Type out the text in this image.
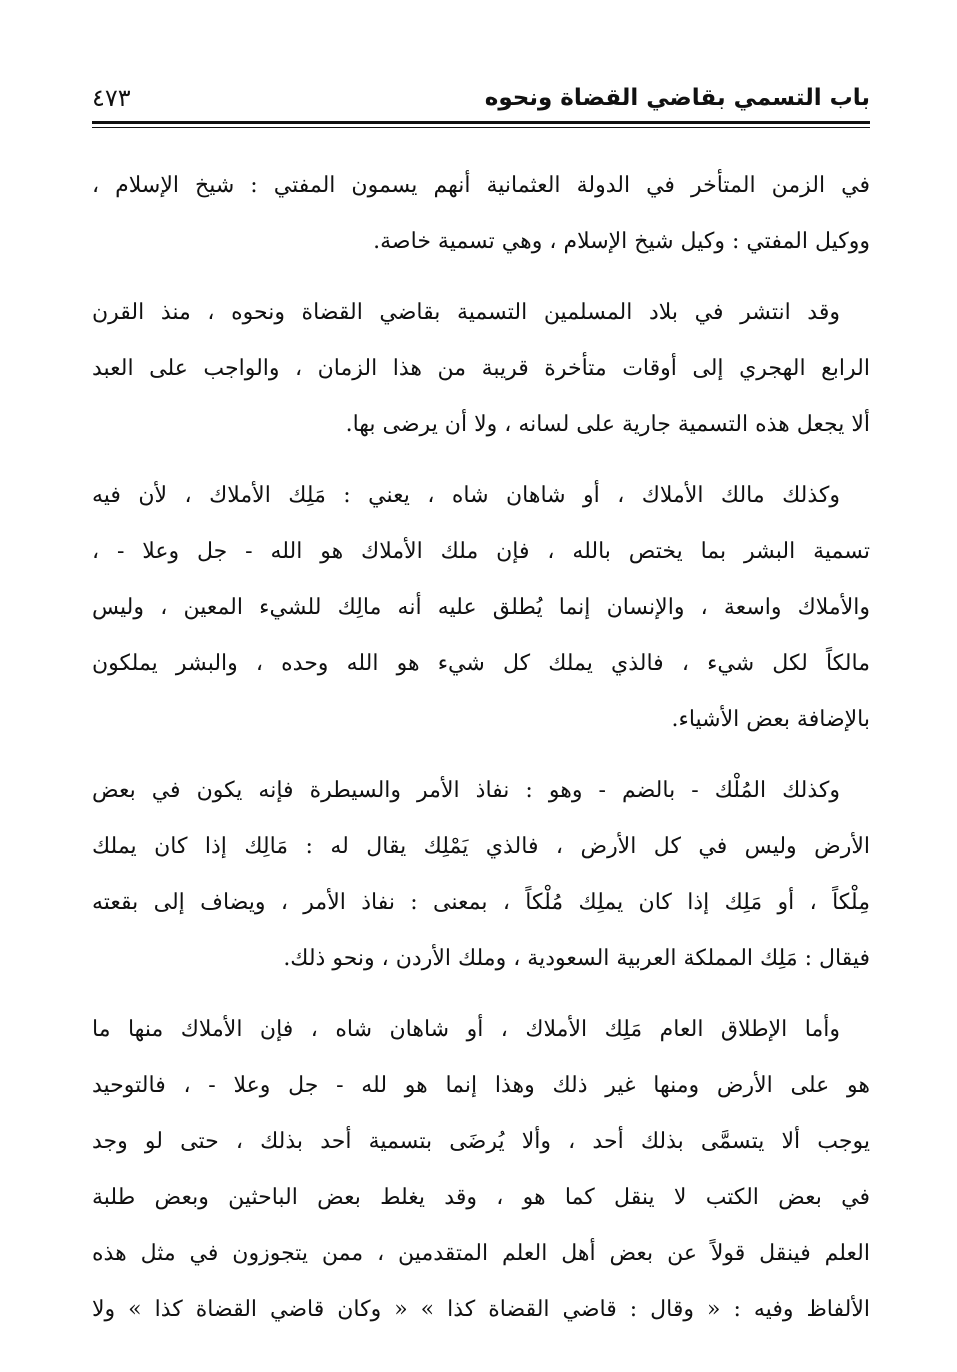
باب التسمي بقاضي القضاة ونحوه
٤٧٣
في الزمن المتأخر في الدولة العثمانية أنهم يسمون المفتي : شيخ الإسلام ،
ووكيل المفتي : وكيل شيخ الإسلام ، وهي تسمية خاصة.
وقد انتشر في بلاد المسلمين التسمية بقاضي القضاة ونحوه ، منذ القرن
الرابع الهجري إلى أوقات متأخرة قريبة من هذا الزمان ، والواجب على العبد
ألا يجعل هذه التسمية جارية على لسانه ، ولا أن يرضى بها.
وكذلك مالك الأملاك ، أو شاهان شاه ، يعني : مَلِك الأملاك ، لأن فيه
تسمية البشر بما يختص بالله ، فإن ملك الأملاك هو الله - جل وعلا - ،
والأملاك واسعة ، والإنسان إنما يُطلق عليه أنه مالِك للشيء المعين ، وليس
مالكاً لكل شيء ، فالذي يملك كل شيء هو الله وحده ، والبشر يملكون
بالإضافة بعض الأشياء.
وكذلك المُلْك - بالضم - وهو : نفاذ الأمر والسيطرة فإنه يكون في بعض
الأرض وليس في كل الأرض ، فالذي يَمْلِك يقال له : مَالِك إذا كان يملك
مِلْكاً ، أو مَلِك إذا كان يملِك مُلْكاً ، بمعنى : نفاذ الأمر ، ويضاف إلى بقعته
فيقال : مَلِك المملكة العربية السعودية ، وملك الأردن ، ونحو ذلك.
وأما الإطلاق العام مَلِك الأملاك ، أو شاهان شاه ، فإن الأملاك منها ما
هو على الأرض ومنها غير ذلك وهذا إنما هو لله - جل وعلا - ، فالتوحيد
يوجب ألا يتسمَّى بذلك أحد ، وألا يُرضَى بتسمية أحد بذلك ، حتى لو وجد
في بعض الكتب لا ينقل كما هو ، وقد يغلط بعض الباحثين وبعض طلبة
العلم فينقل قولاً عن بعض أهل العلم المتقدمين ، ممن يتجوزون في مثل هذه
الألفاظ وفيه : « وقال : قاضي القضاة كذا » « وكان قاضي القضاة كذا » ولا
